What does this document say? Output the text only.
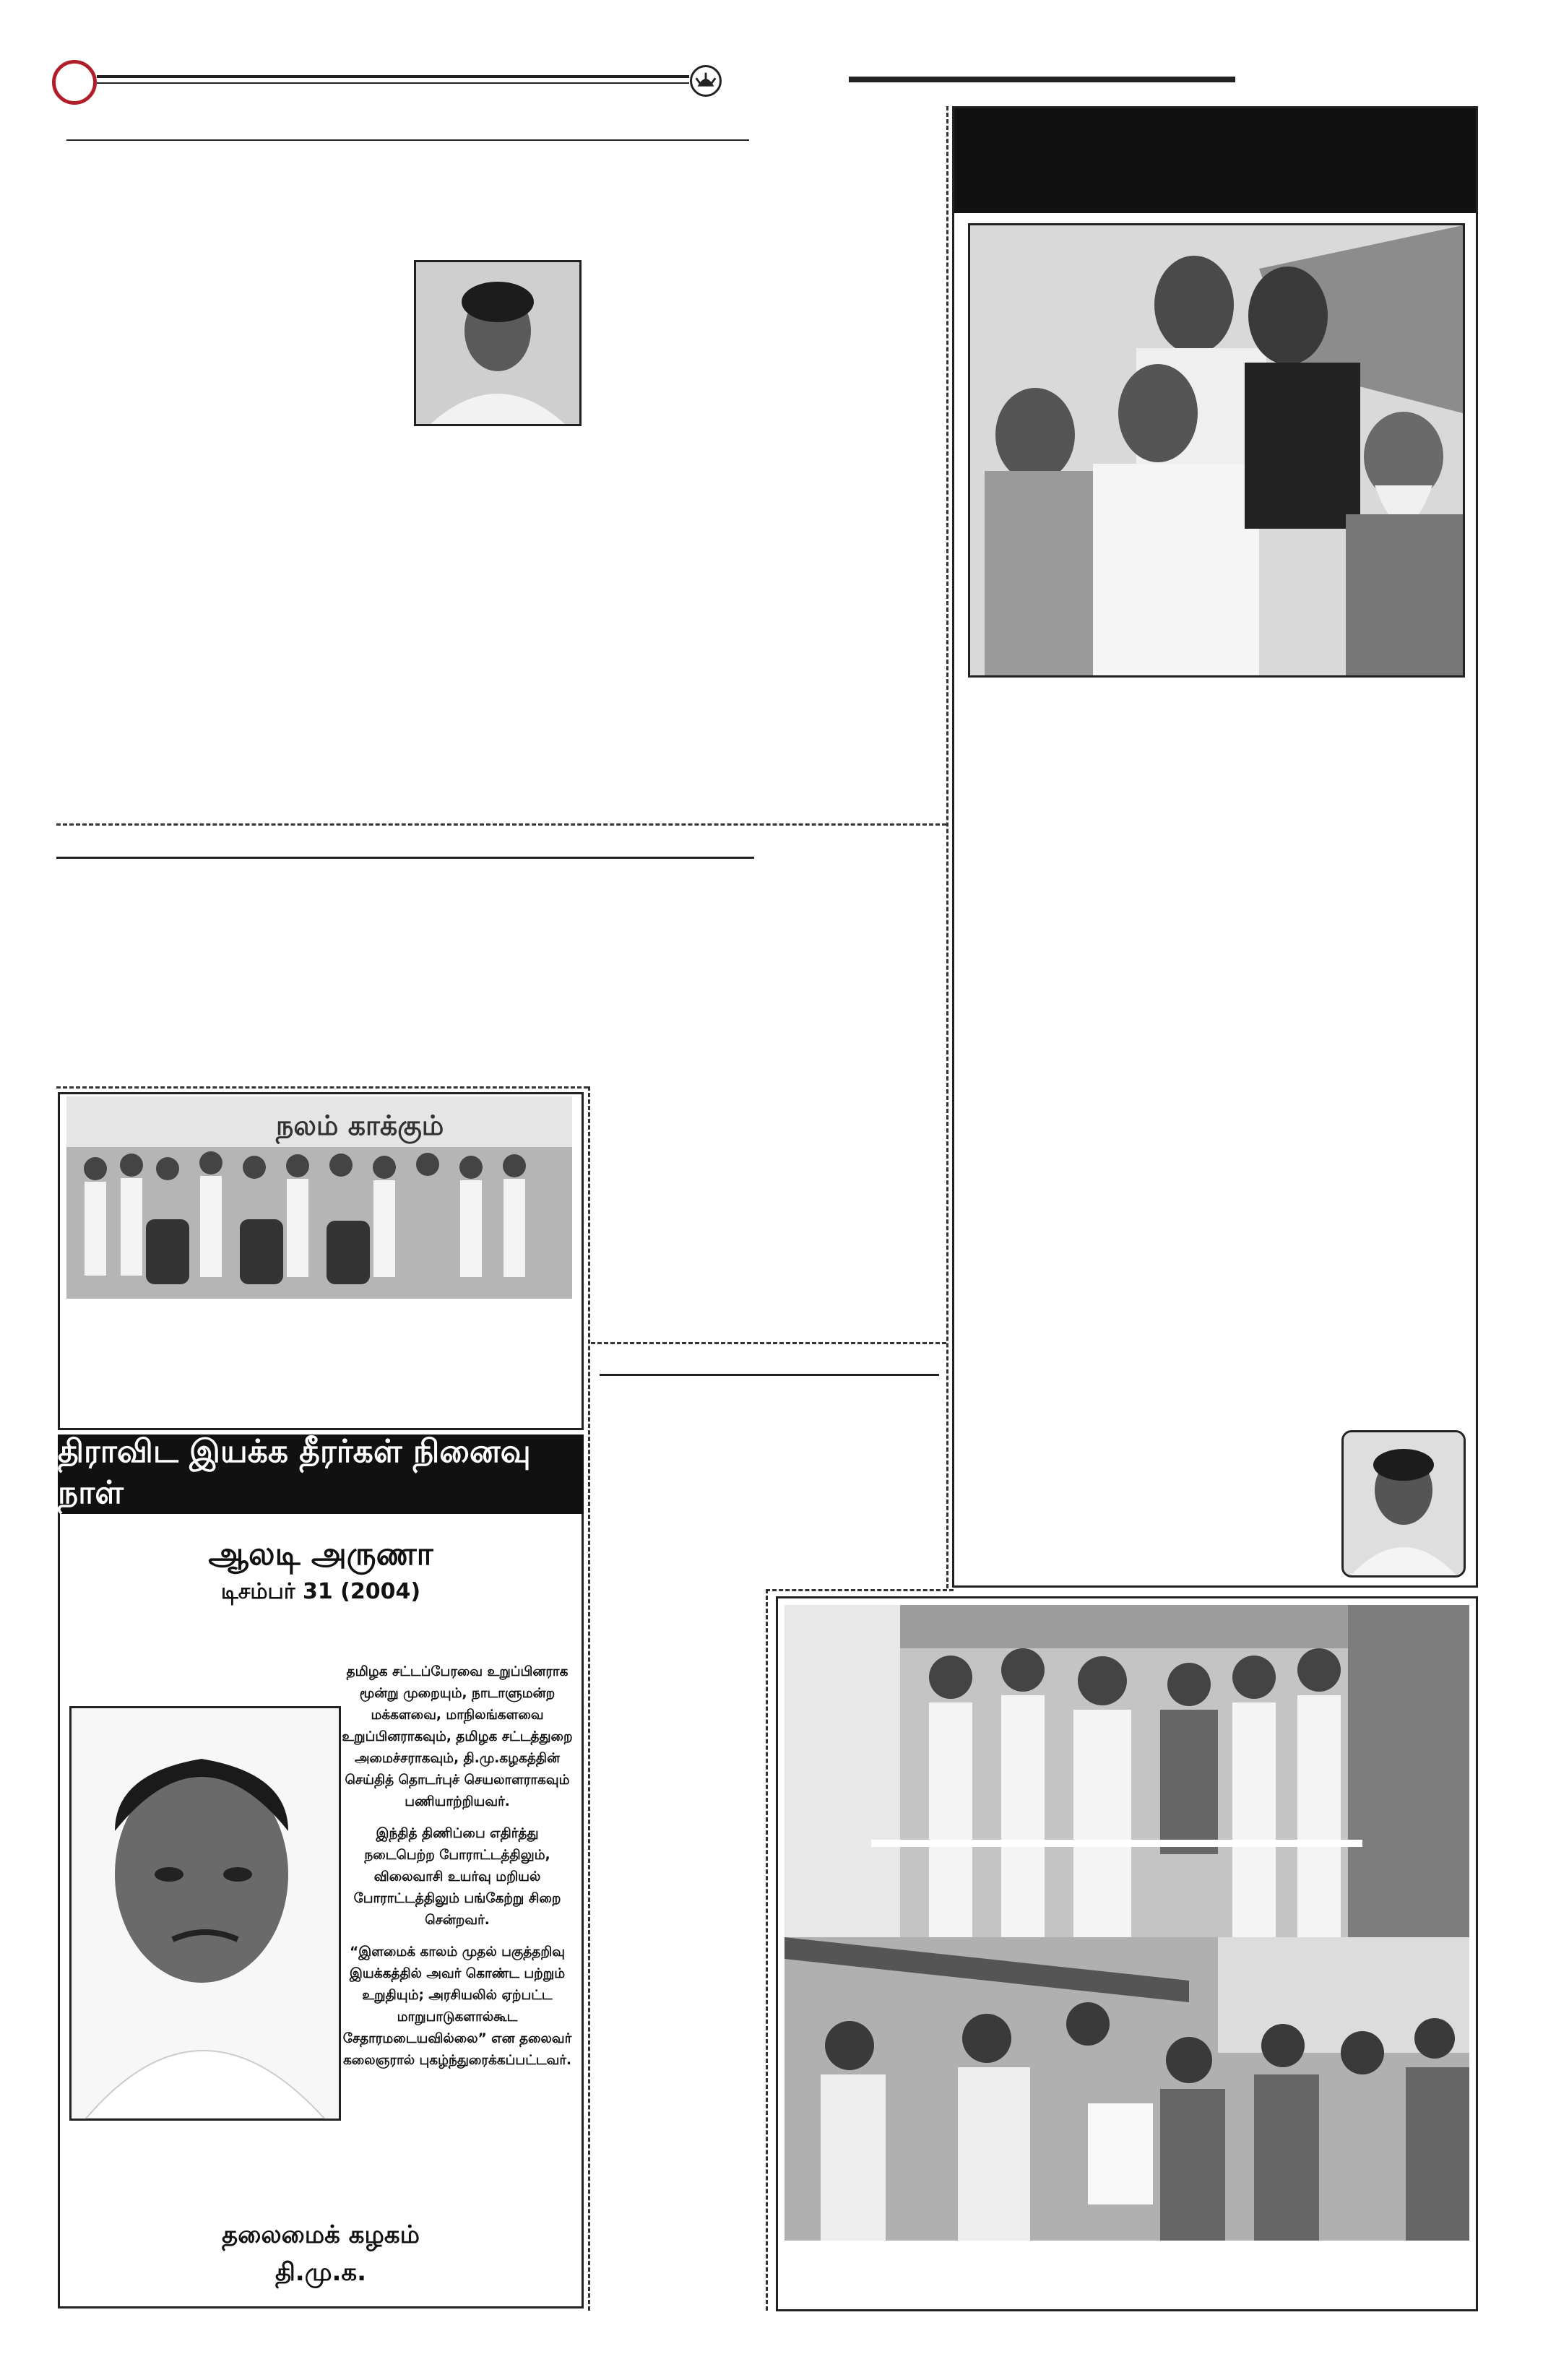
நலம் காக்கும்
திராவிட இயக்க தீரர்கள் நினைவு நாள்
ஆலடி அருணா
டிசம்பர் 31 (2004)

தமிழக சட்டப்பேரவை உறுப்பினராக மூன்று முறையும், நாடாளுமன்ற மக்களவை, மாநிலங்களவை உறுப்பினராகவும், தமிழக சட்டத்துறை அமைச்சராகவும், தி.மு.கழகத்தின் செய்தித் தொடர்புச் செயலாளராகவும் பணியாற்றியவர்.

இந்தித் திணிப்பை எதிர்த்து நடைபெற்ற போராட்டத்திலும், விலைவாசி உயர்வு மறியல் போராட்டத்திலும் பங்கேற்று சிறை சென்றவர்.

“இளமைக் காலம் முதல் பகுத்தறிவு இயக்கத்தில் அவர் கொண்ட பற்றும் உறுதியும்; அரசியலில் ஏற்பட்ட மாறுபாடுகளால்கூட சேதாரமடையவில்லை” என தலைவர் கலைஞரால் புகழ்ந்துரைக்கப்பட்டவர்.

தலைமைக் கழகம்
தி.மு.க.
